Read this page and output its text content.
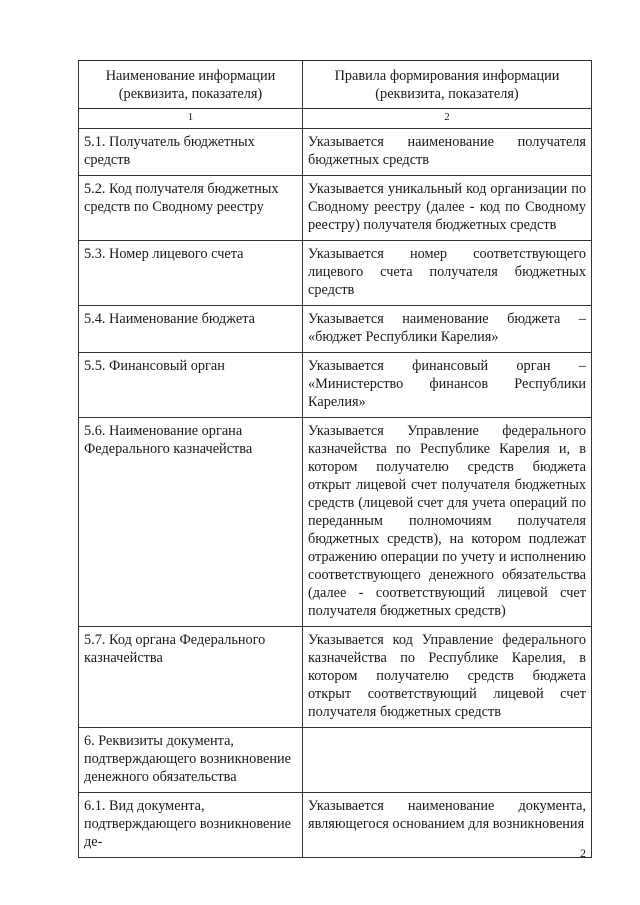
Наименование информации (реквизита, показателя)	Правила формирования информации (реквизита, показателя)
1	2
5.1. Получатель бюджетных средств	Указывается наименование получателя бюджетных средств
5.2. Код получателя бюджетных средств по Сводному реестру	Указывается уникальный код организации по Сводному реестру (далее - код по Сводному реестру) получателя бюджетных средств
5.3. Номер лицевого счета	Указывается номер соответствующего лицевого счета получателя бюджетных средств
5.4. Наименование бюджета	Указывается наименование бюджета – «бюджет Республики Карелия»
5.5. Финансовый орган	Указывается финансовый орган – «Министерство финансов Республики Карелия»
5.6. Наименование органа Федерального казначейства	Указывается Управление федерального казначейства по Республике Карелия и, в котором получателю средств бюджета открыт лицевой счет получателя бюджетных средств (лицевой счет для учета операций по переданным полномочиям получателя бюджетных средств), на котором подлежат отражению операции по учету и исполнению соответствующего денежного обязательства (далее - соответствующий лицевой счет получателя бюджетных средств)
5.7. Код органа Федерального казначейства	Указывается код Управление федерального казначейства по Республике Карелия, в котором получателю средств бюджета открыт соответствующий лицевой счет получателя бюджетных средств
6. Реквизиты документа, подтверждающего возникновение денежного обязательства	
6.1. Вид документа, подтверждающего возникновение де-	Указывается наименование документа, являющегося основанием для возникновения
2
